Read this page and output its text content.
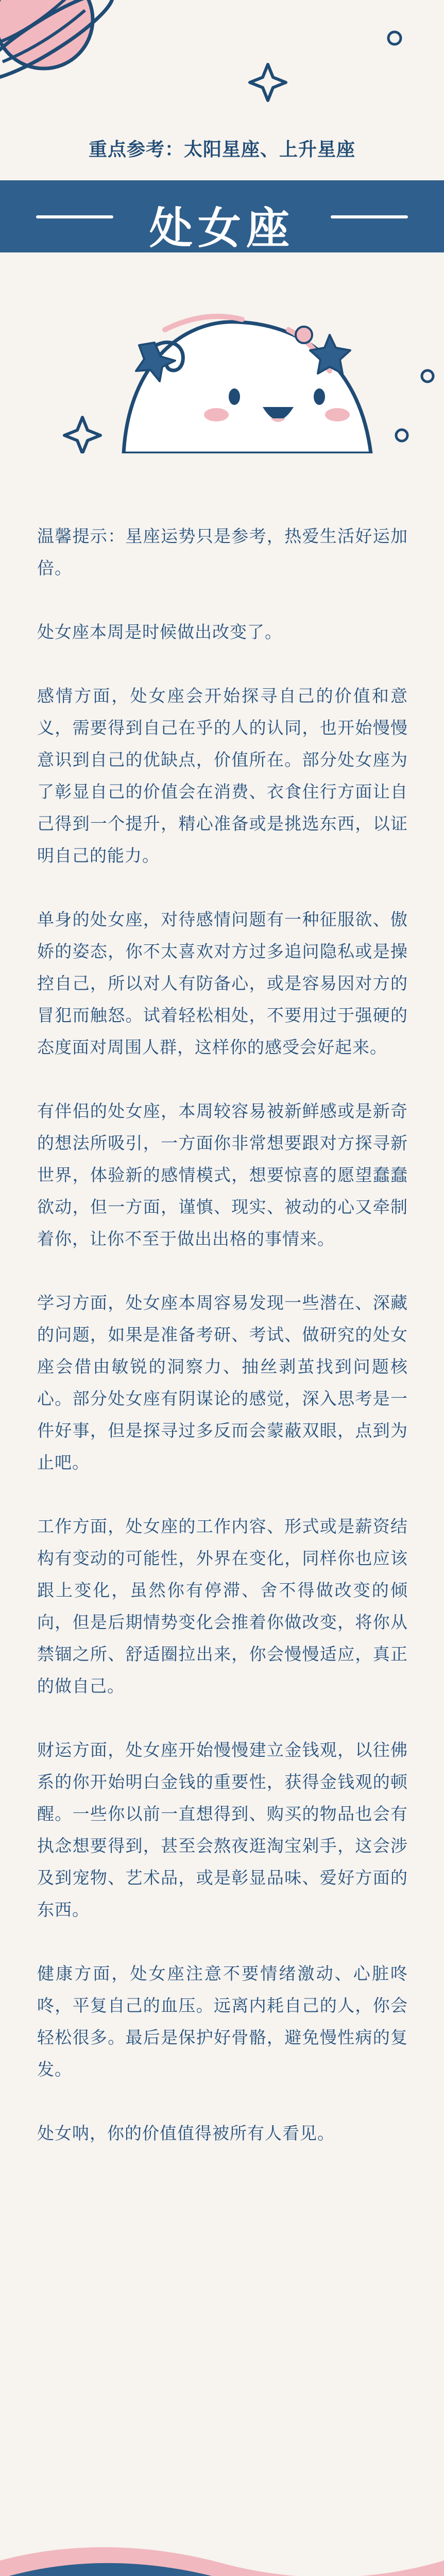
重点参考：太阳星座、上升星座
处女座

温馨提示：星座运势只是参考，热爱生活好运加倍。

处女座本周是时候做出改变了。

感情方面，处女座会开始探寻自己的价值和意义，需要得到自己在乎的人的认同，也开始慢慢意识到自己的优缺点，价值所在。部分处女座为了彰显自己的价值会在消费、衣食住行方面让自己得到一个提升，精心准备或是挑选东西，以证明自己的能力。

单身的处女座，对待感情问题有一种征服欲、傲娇的姿态，你不太喜欢对方过多追问隐私或是操控自己，所以对人有防备心，或是容易因对方的冒犯而触怒。试着轻松相处，不要用过于强硬的态度面对周围人群，这样你的感受会好起来。

有伴侣的处女座，本周较容易被新鲜感或是新奇的想法所吸引，一方面你非常想要跟对方探寻新世界，体验新的感情模式，想要惊喜的愿望蠢蠢欲动，但一方面，谨慎、现实、被动的心又牵制着你，让你不至于做出出格的事情来。

学习方面，处女座本周容易发现一些潜在、深藏的问题，如果是准备考研、考试、做研究的处女座会借由敏锐的洞察力、抽丝剥茧找到问题核心。部分处女座有阴谋论的感觉，深入思考是一件好事，但是探寻过多反而会蒙蔽双眼，点到为止吧。

工作方面，处女座的工作内容、形式或是薪资结构有变动的可能性，外界在变化，同样你也应该跟上变化，虽然你有停滞、舍不得做改变的倾向，但是后期情势变化会推着你做改变，将你从禁锢之所、舒适圈拉出来，你会慢慢适应，真正的做自己。

财运方面，处女座开始慢慢建立金钱观，以往佛系的你开始明白金钱的重要性，获得金钱观的顿醒。一些你以前一直想得到、购买的物品也会有执念想要得到，甚至会熬夜逛淘宝剁手，这会涉及到宠物、艺术品，或是彰显品味、爱好方面的东西。

健康方面，处女座注意不要情绪激动、心脏咚咚，平复自己的血压。远离内耗自己的人，你会轻松很多。最后是保护好骨骼，避免慢性病的复发。

处女呐，你的价值值得被所有人看见。
